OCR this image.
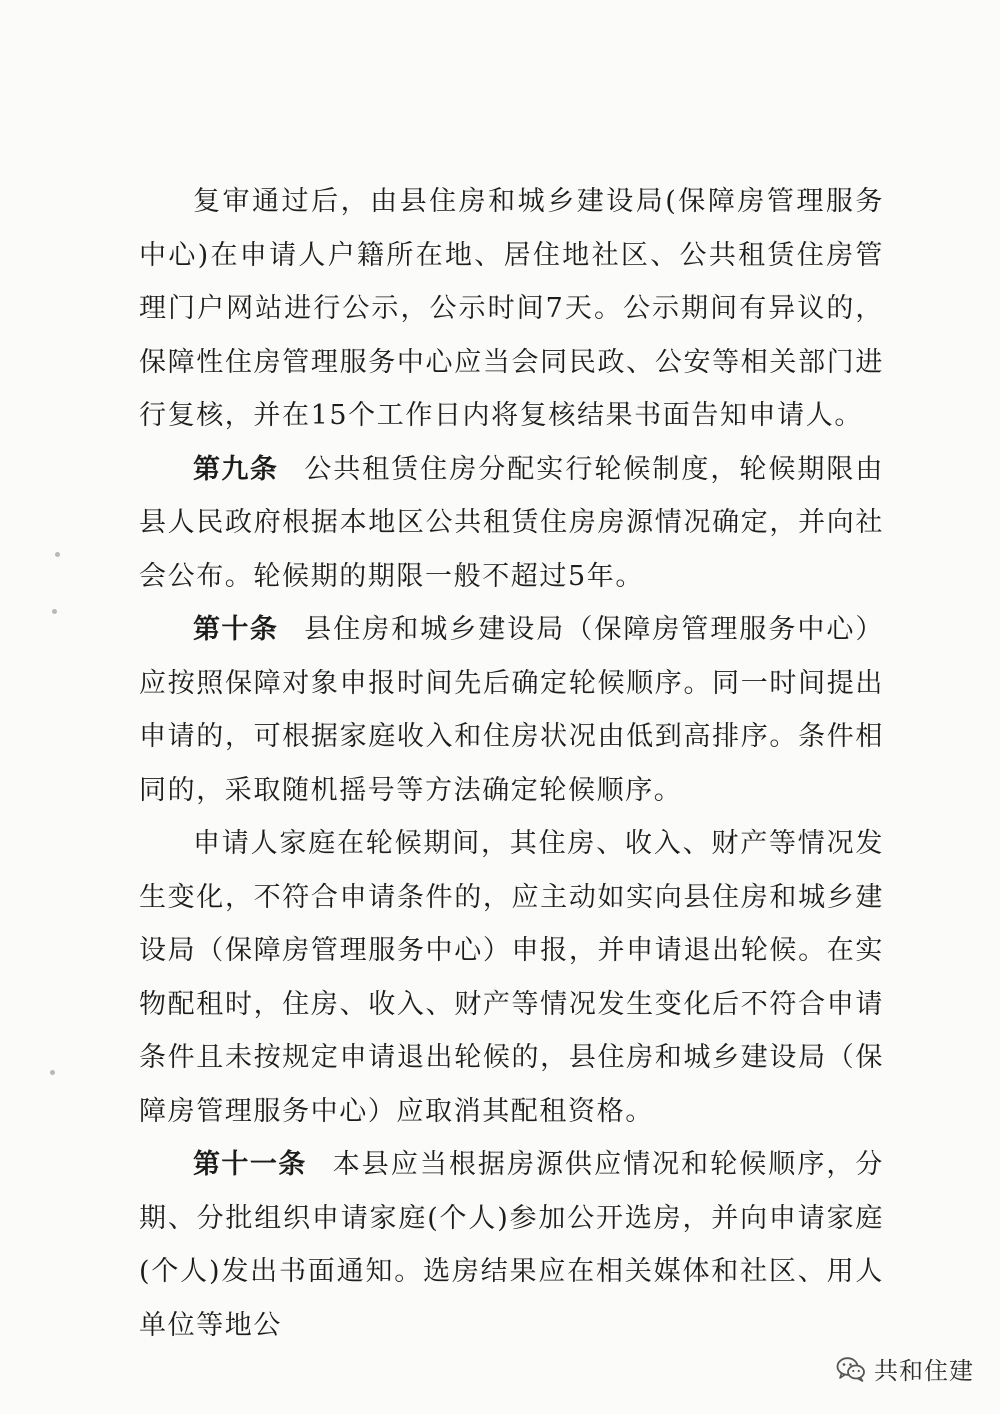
复审通过后，由县住房和城乡建设局(保障房管理服务中心)在申请人户籍所在地、居住地社区、公共租赁住房管理门户网站进行公示，公示时间7天。公示期间有异议的，保障性住房管理服务中心应当会同民政、公安等相关部门进行复核，并在15个工作日内将复核结果书面告知申请人。

第九条 公共租赁住房分配实行轮候制度，轮候期限由县人民政府根据本地区公共租赁住房房源情况确定，并向社会公布。轮候期的期限一般不超过5年。

第十条 县住房和城乡建设局（保障房管理服务中心）应按照保障对象申报时间先后确定轮候顺序。同一时间提出申请的，可根据家庭收入和住房状况由低到高排序。条件相同的，采取随机摇号等方法确定轮候顺序。

申请人家庭在轮候期间，其住房、收入、财产等情况发生变化，不符合申请条件的，应主动如实向县住房和城乡建设局（保障房管理服务中心）申报，并申请退出轮候。在实物配租时，住房、收入、财产等情况发生变化后不符合申请条件且未按规定申请退出轮候的，县住房和城乡建设局（保障房管理服务中心）应取消其配租资格。

第十一条 本县应当根据房源供应情况和轮候顺序，分期、分批组织申请家庭(个人)参加公开选房，并向申请家庭(个人)发出书面通知。选房结果应在相关媒体和社区、用人单位等地公

共和住建
